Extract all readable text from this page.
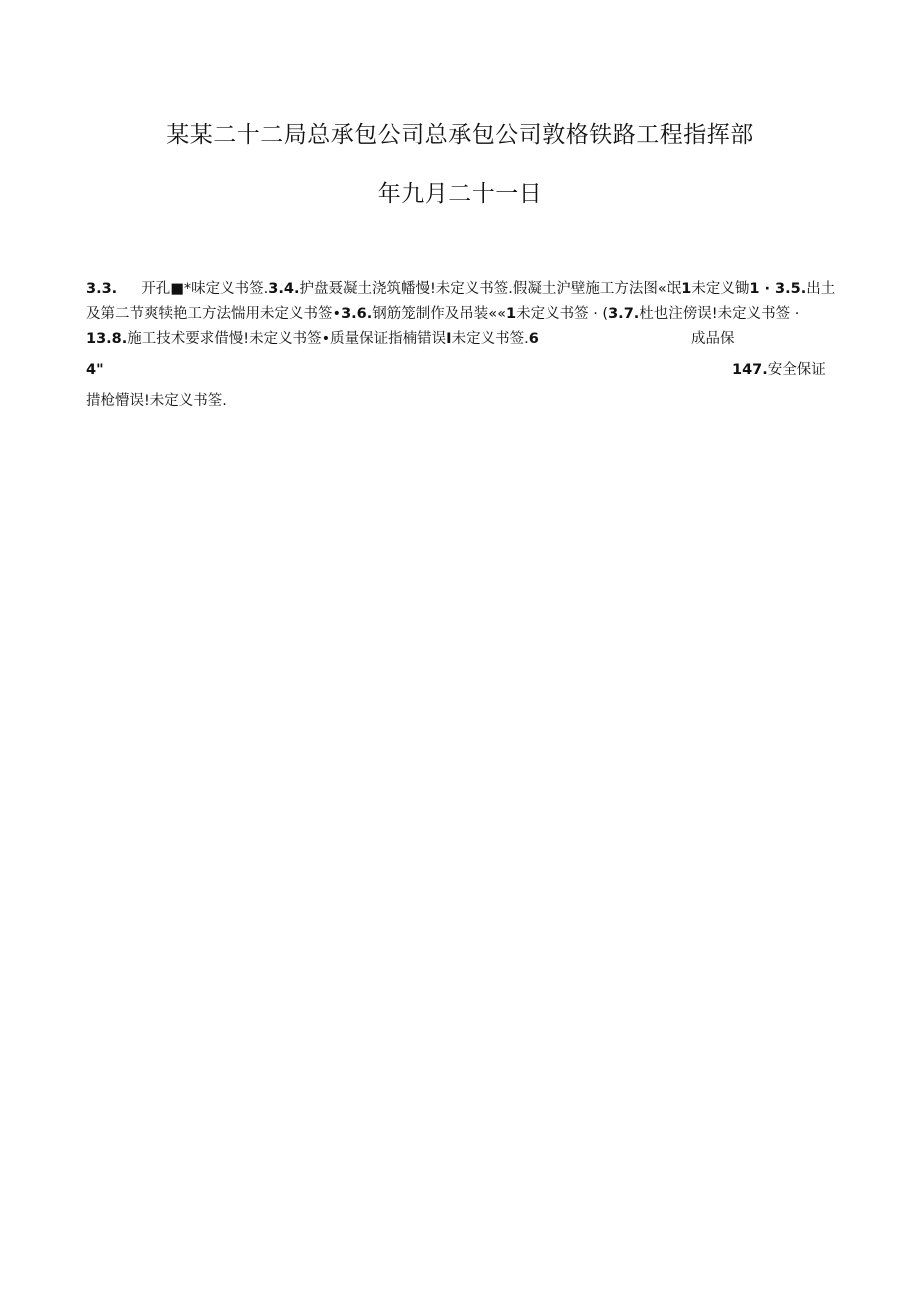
某某二十二局总承包公司总承包公司敦格铁路工程指挥部
年九月二十一日
3.3. 开孔■*味定义书签.3.4.护盘聂凝土浇筑幡慢!未定义书签.假凝土沪壁施工方法图«氓1未定义锄1 · 3.5.出土
及第二节爽犊艳工方法惴用未定义书签•3.6.钢筋笼制作及吊装««1未定义书签 · (3.7.杜也注傍误!未定义书签 ·
13.8.施工技术要求借慢!未定义书签•质量保证指楠错误I未定义书签.6	成品保
4"	147.安全保证
措枪懵误!未定义书筌.
